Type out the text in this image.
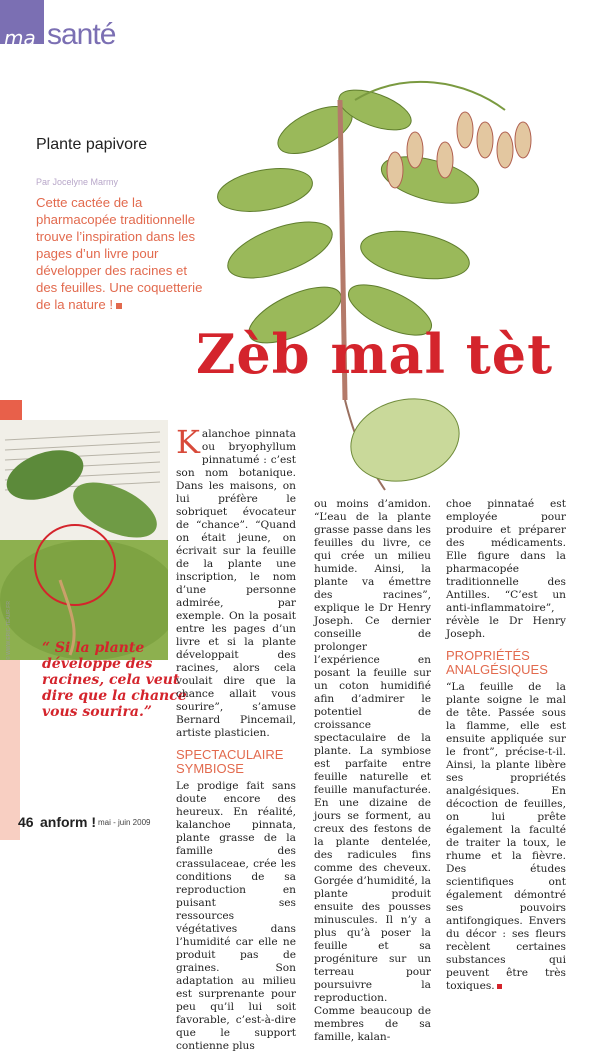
ma santé
Plante papivore
Par Jocelyne Marmy
Cette cactée de la pharmacopée traditionnelle trouve l’inspiration dans les pages d’un livre pour développer des racines et des feuilles. Une coquetterie de la nature !
Zèb mal tèt
© WWW.ERIC-TEAUR.FR “ Si la plante développe des racines, cela veut dire que la chance vous sourira.”

Kalanchoe pinnata ou bryophyllum pinnatumé : c’est son nom botanique. Dans les maisons, on lui préfère le sobriquet évocateur de “chance”. “Quand on était jeune, on écrivait sur la feuille de la plante une inscription, le nom d’une personne admirée, par exemple. On la posait entre les pages d’un livre et si la plante développait des racines, alors cela voulait dire que la chance allait vous sourire”, s’amuse Bernard Pincemail, artiste plasticien.

SPECTACULAIRE SYMBIOSE

Le prodige fait sans doute encore des heureux. En réalité, kalanchoe pinnata, plante grasse de la famille des crassulaceae, crée les conditions de sa reproduction en puisant ses ressources végétatives dans l’humidité car elle ne produit pas de graines. Son adaptation au milieu est surprenante pour peu qu’il lui soit favorable, c’est-à-dire que le support contienne plus

ou moins d’amidon. “L’eau de la plante grasse passe dans les feuilles du livre, ce qui crée un milieu humide. Ainsi, la plante va émettre des racines”, explique le Dr Henry Joseph. Ce dernier conseille de prolonger l’expérience en posant la feuille sur un coton humidifié afin d’admirer le potentiel de croissance spectaculaire de la plante. La symbiose est parfaite entre feuille naturelle et feuille manufacturée. En une dizaine de jours se forment, au creux des festons de la plante dentelée, des radicules fins comme des cheveux. Gorgée d’humidité, la plante produit ensuite des pousses minuscules. Il n’y a plus qu’à poser la feuille et sa progéniture sur un terreau pour poursuivre la reproduction. Comme beaucoup de membres de sa famille, kalan-

choe pinnataé est employée pour produire et préparer des médicaments. Elle figure dans la pharmacopée traditionnelle des Antilles. “C’est un anti-inflammatoire”, révèle le Dr Henry Joseph.

PROPRIÉTÉS ANALGÉSIQUES

“La feuille de la plante soigne le mal de tête. Passée sous la flamme, elle est ensuite appliquée sur le front”, précise-t-il. Ainsi, la plante libère ses propriétés analgésiques. En décoction de feuilles, on lui prête également la faculté de traiter la toux, le rhume et la fièvre. Des études scientifiques ont également démontré ses pouvoirs antifongiques. Envers du décor : ses fleurs recèlent certaines substances qui peuvent être très toxiques.

46 anform ! mai - juin 2009
